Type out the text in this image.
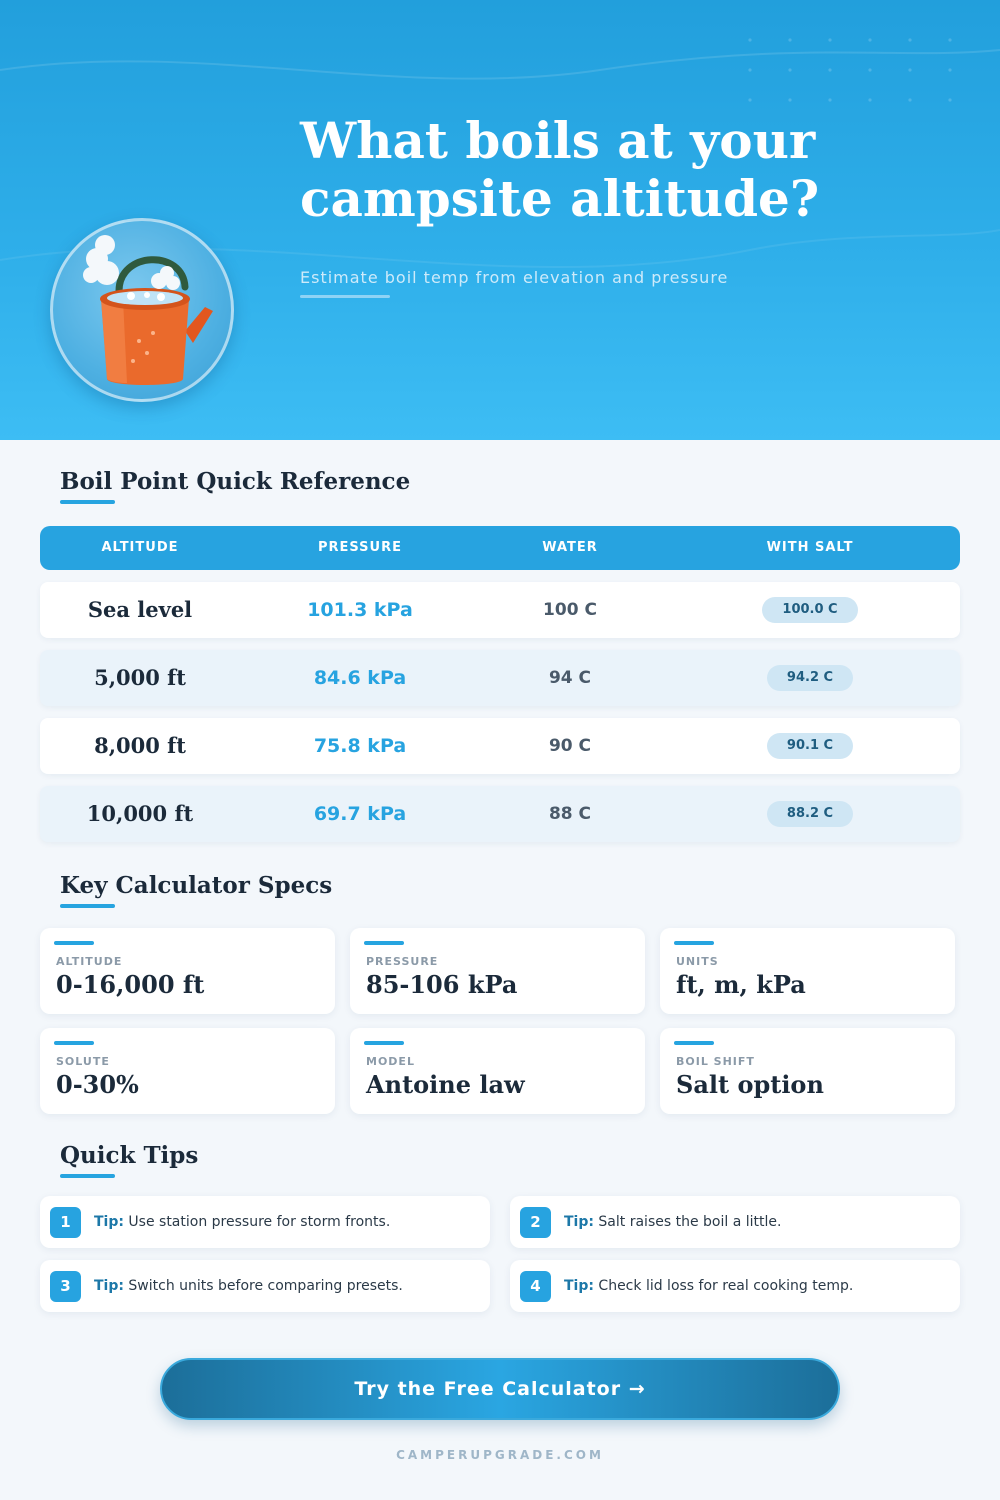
What boils at your
campsite altitude?
Estimate boil temp from elevation and pressure
Boil Point Quick Reference
ALTITUDE	PRESSURE	WATER	WITH SALT
Sea level	101.3 kPa	100 C	100.0 C
5,000 ft	84.6 kPa	94 C	94.2 C
8,000 ft	75.8 kPa	90 C	90.1 C
10,000 ft	69.7 kPa	88 C	88.2 C
Key Calculator Specs
ALTITUDE
0-16,000 ft
PRESSURE
85-106 kPa
UNITS
ft, m, kPa
SOLUTE
0-30%
MODEL
Antoine law
BOIL SHIFT
Salt option
Quick Tips
1	Tip: Use station pressure for storm fronts.	2	Tip: Salt raises the boil a little.
3	Tip: Switch units before comparing presets.	4	Tip: Check lid loss for real cooking temp.
Try the Free Calculator →
CAMPERUPGRADE.COM
